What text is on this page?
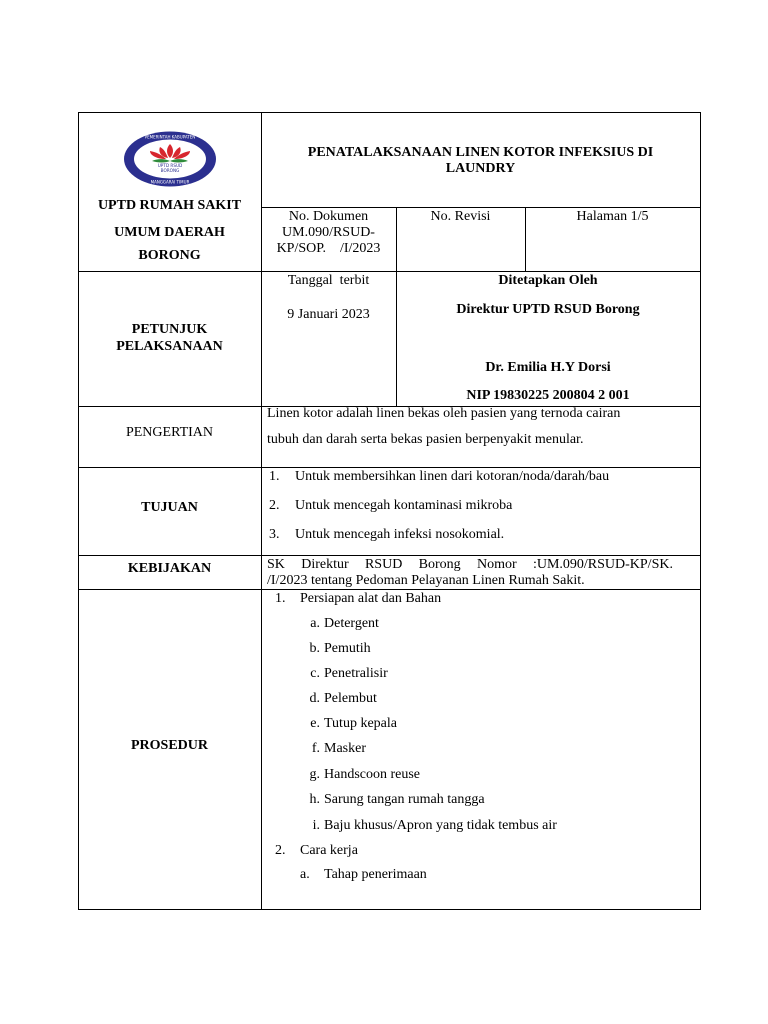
UPTD RSUD
BORONG
PEMERINTAH KABUPATEN
MANGGARAI TIMUR
UPTD RUMAH SAKIT
UMUM DAERAH
BORONG
PENATALAKSANAAN LINEN KOTOR INFEKSIUS DI
LAUNDRY
No. Dokumen
UM.090/RSUD-
KP/SOP.    /I/2023
No. Revisi	Halaman 1/5
PETUNJUK
PELAKSANAAN
Tanggal  terbit
9 Januari 2023
Ditetapkan Oleh
Direktur UPTD RSUD Borong
Dr. Emilia H.Y Dorsi
NIP 19830225 200804 2 001
PENGERTIAN
Linen kotor adalah linen bekas oleh pasien yang ternoda cairan
tubuh dan darah serta bekas pasien berpenyakit menular.
TUJUAN
1. Untuk membersihkan linen dari kotoran/noda/darah/bau
2. Untuk mencegah kontaminasi mikroba
3. Untuk mencegah infeksi nosokomial.
KEBIJAKAN	SK Direktur RSUD Borong Nomor :UM.090/RSUD-KP/SK.
/I/2023 tentang Pedoman Pelayanan Linen Rumah Sakit.
PROSEDUR
1. Persiapan alat dan Bahan
a. Detergent
b. Pemutih
c. Penetralisir
d. Pelembut
e. Tutup kepala
f. Masker
g. Handscoon reuse
h. Sarung tangan rumah tangga
i. Baju khusus/Apron yang tidak tembus air
2. Cara kerja
a. Tahap penerimaan
